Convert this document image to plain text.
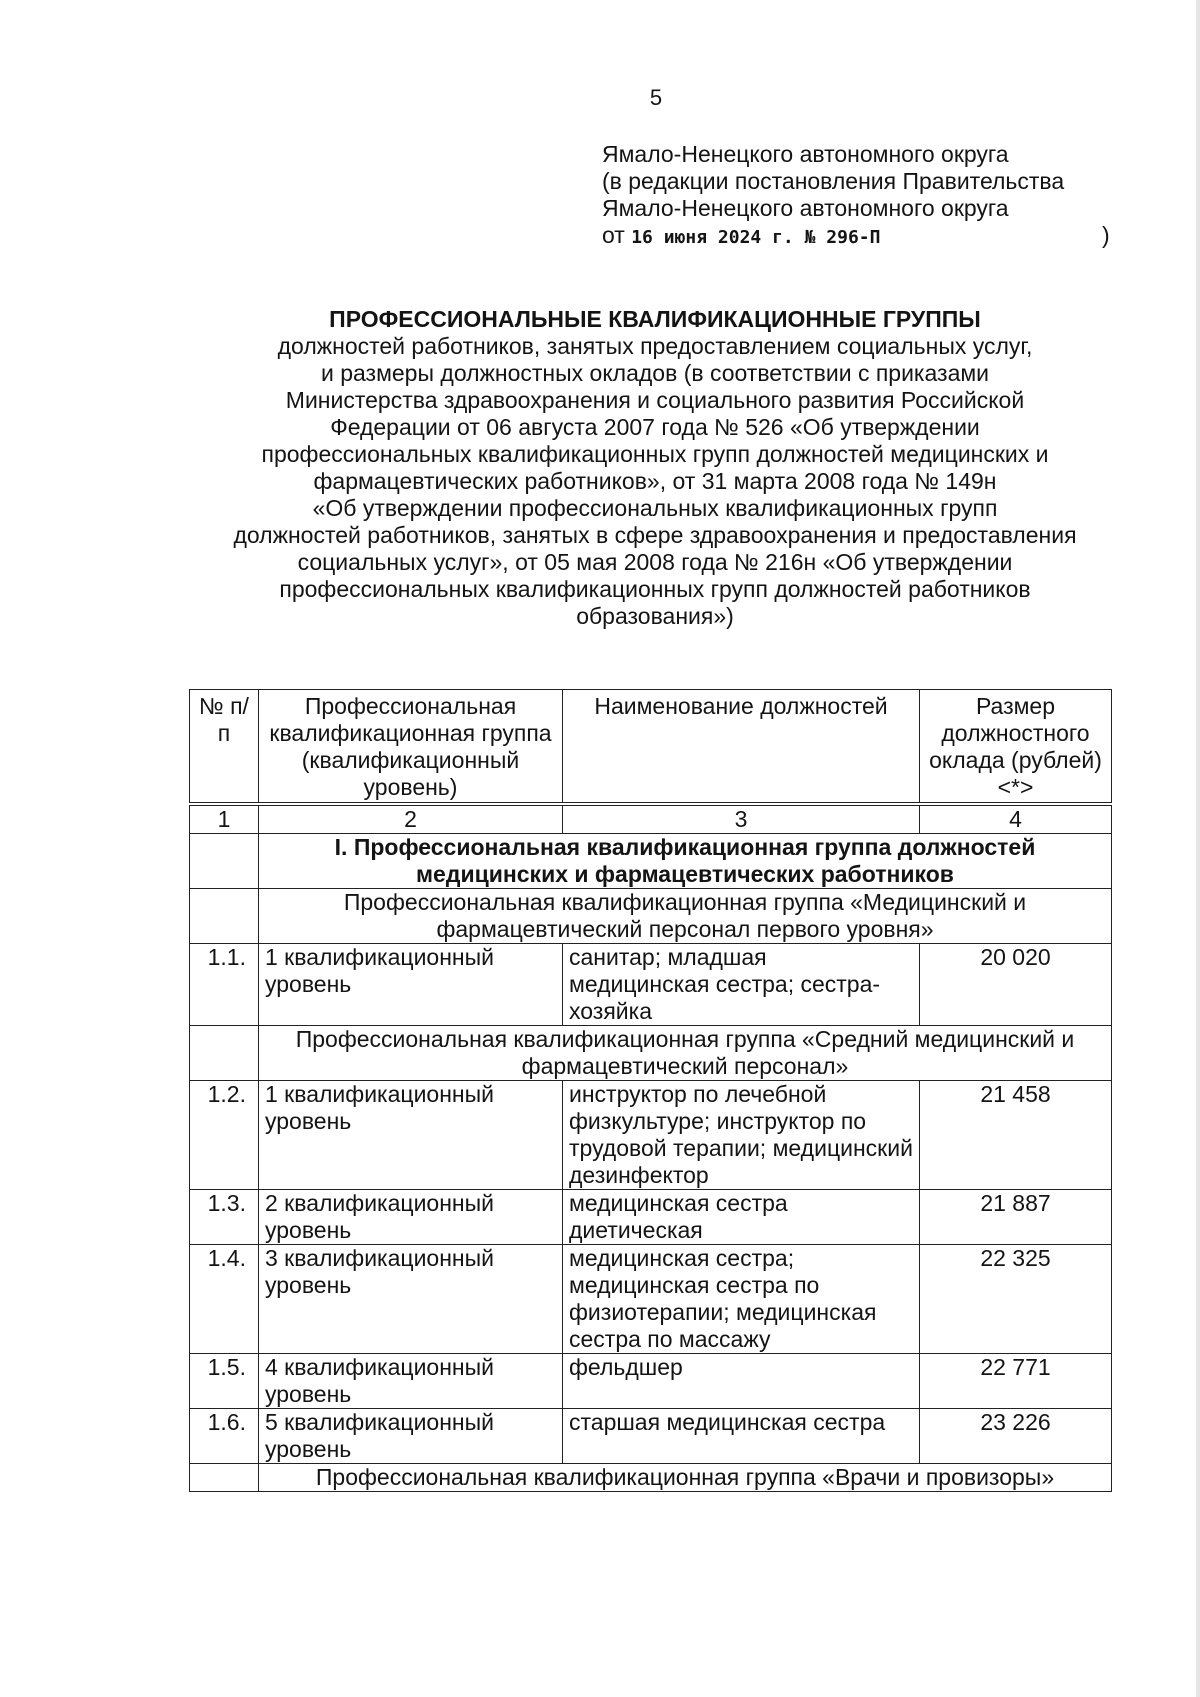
5
Ямало-Ненецкого автономного округа
(в редакции постановления Правительства
Ямало-Ненецкого автономного округа
от 16 июня 2024 г. № 296-П	)
ПРОФЕССИОНАЛЬНЫЕ КВАЛИФИКАЦИОННЫЕ ГРУППЫ
должностей работников, занятых предоставлением социальных услуг,
и размеры должностных окладов (в соответствии с приказами
Министерства здравоохранения и социального развития Российской
Федерации от 06 августа 2007 года № 526 «Об утверждении
профессиональных квалификационных групп должностей медицинских и
фармацевтических работников», от 31 марта 2008 года № 149н
«Об утверждении профессиональных квалификационных групп
должностей работников, занятых в сфере здравоохранения и предоставления
социальных услуг», от 05 мая 2008 года № 216н «Об утверждении
профессиональных квалификационных групп должностей работников
образования»)
№ п/п	Профессиональная квалификационная группа (квалификационный уровень)	Наименование должностей	Размер должностного оклада (рублей) <*>
1	2	3	4
	I. Профессиональная квалификационная группа должностей медицинских и фармацевтических работников		
	Профессиональная квалификационная группа «Медицинский и фармацевтический персонал первого уровня»		
1.1.	1 квалификационный уровень	санитар; младшая медицинская сестра; сестра-хозяйка	20 020
	Профессиональная квалификационная группа «Средний медицинский и фармацевтический персонал»		
1.2.	1 квалификационный уровень	инструктор по лечебной физкультуре; инструктор по трудовой терапии; медицинский дезинфектор	21 458
1.3.	2 квалификационный уровень	медицинская сестра диетическая	21 887
1.4.	3 квалификационный уровень	медицинская сестра; медицинская сестра по физиотерапии; медицинская сестра по массажу	22 325
1.5.	4 квалификационный уровень	фельдшер	22 771
1.6.	5 квалификационный уровень	старшая медицинская сестра	23 226
	Профессиональная квалификационная группа «Врачи и провизоры»		
